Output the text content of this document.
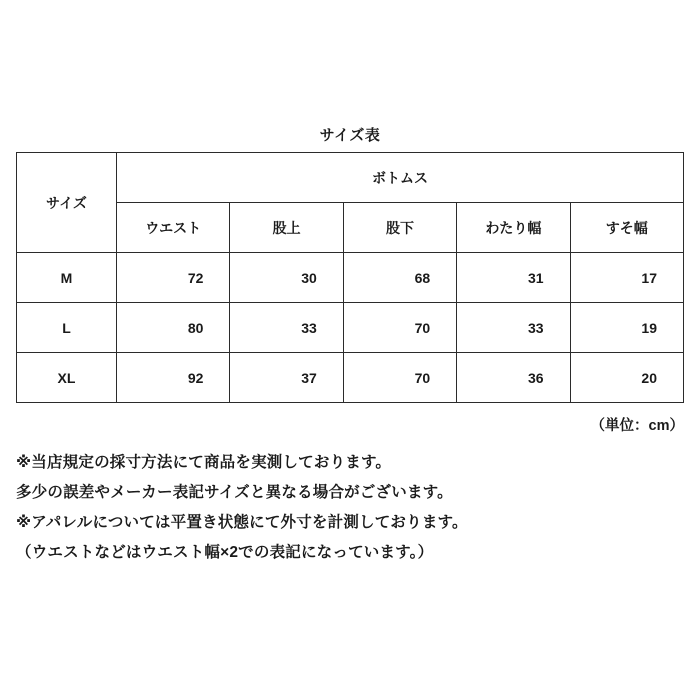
サイズ表
サイズ	ボトムス				
	ウエスト	股上	股下	わたり幅	すそ幅
M	72	30	68	31	17
L	80	33	70	33	19
XL	92	37	70	36	20
（単位：cm）
※当店規定の採寸方法にて商品を実測しております。
多少の誤差やメーカー表記サイズと異なる場合がございます。
※アパレルについては平置き状態にて外寸を計測しております。
（ウエストなどはウエスト幅×2での表記になっています。）
